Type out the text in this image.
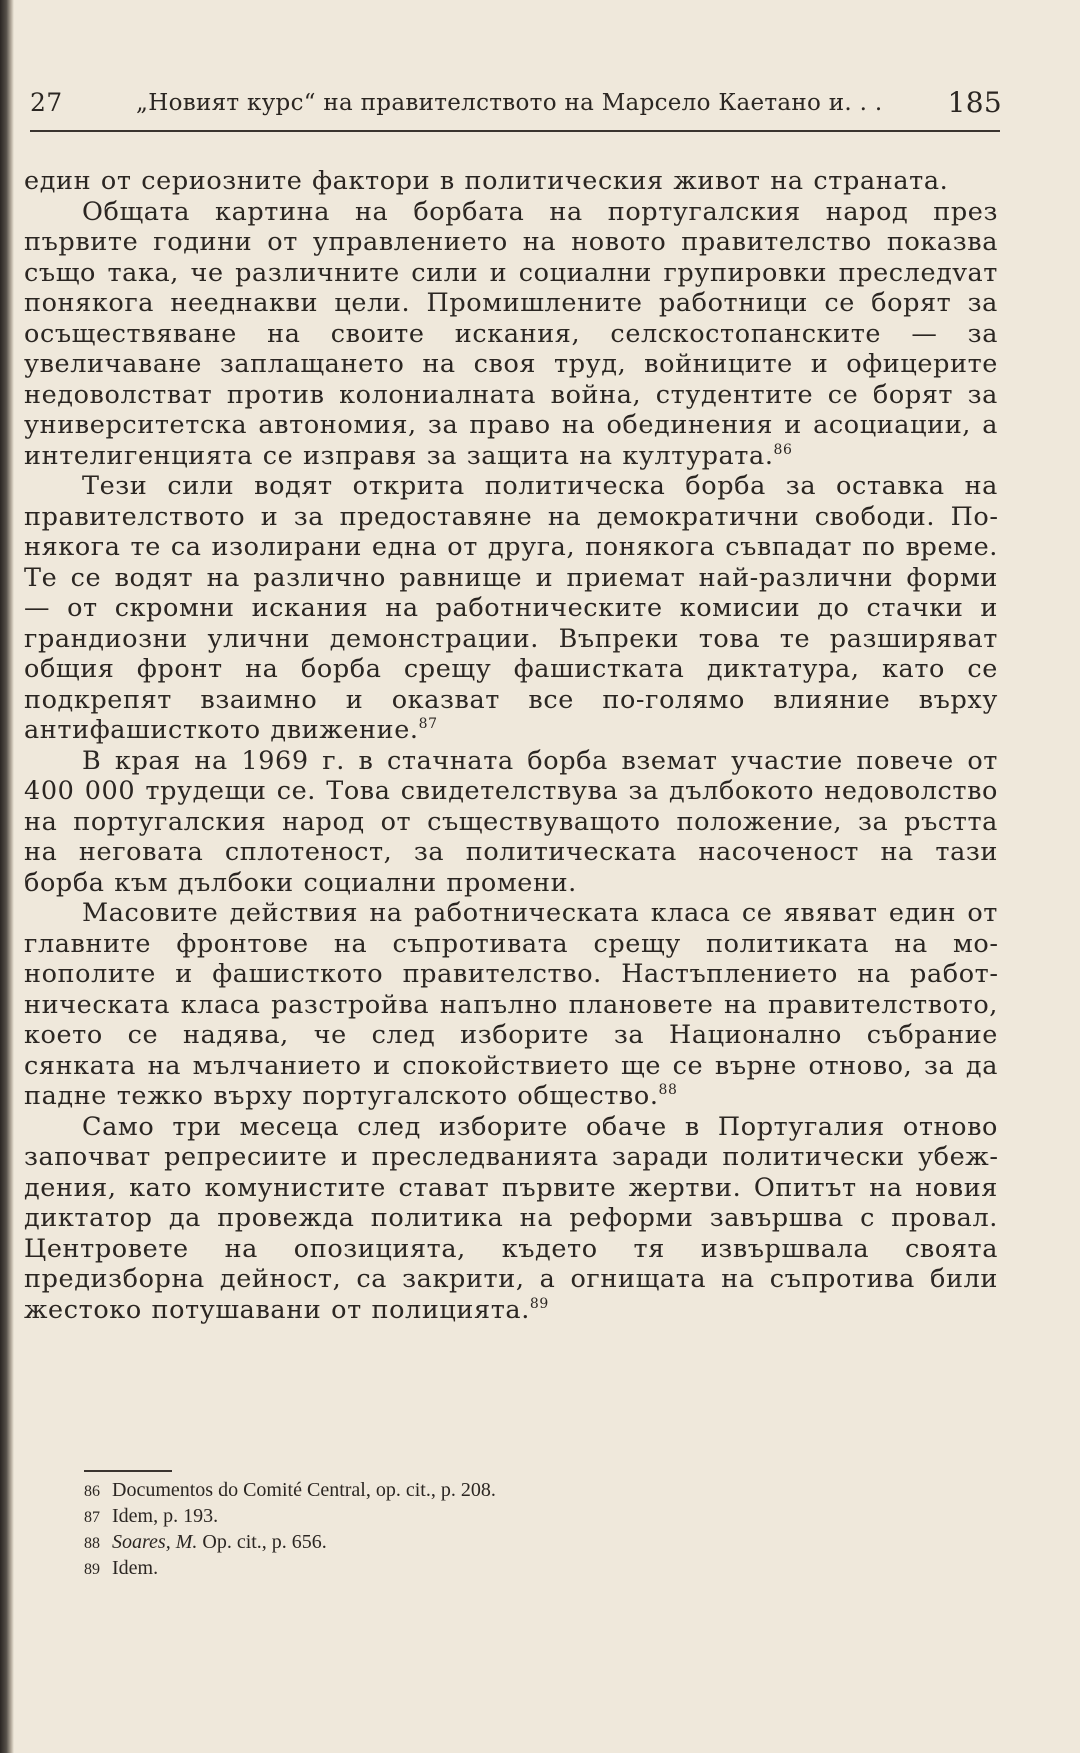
27	„Новият курс“ на правителството на Марсело Каетано и. . . 185

един от сериозните фактори в политическия живот на страната.

Общата картина на борбата на португалския народ през първите години от управлението на новото правителство показва също така, че различните сили и социални групировки преследvат понякога нееднакви цели. Промишлените работници се борят за осъществяване на своите искания, селскостопанските — за увеличаване заплащането на своя труд, войниците и офицерите недоволстват против колониалната война, студентите се борят за университетска автономия, за право на обединения и асоциации, а интелигенцията се изправя за защита на културата.$^{86}$

Тези сили водят открита политическа борба за оставка на правителството и за предоставяне на демократични свободи. Понякога те са изолирани една от друга, понякога съвпадат по време. Те се водят на различно равнище и приемат най-различни форми — от скромни искания на работническите комисии до стачки и грандиозни улични демонстрации. Въпреки това те разширяват общия фронт на борба срещу фашистката диктатура, като се подкрепят взаимно и оказват все по-голямо влияние върху антифашисткото движение.$^{87}$

В края на 1969 г. в стачната борба вземат участие повече от 400 000 трудещи се. Това свидетелствува за дълбокото недоволство на португалския народ от съществуващото положение, за ръстта на неговата сплотеност, за политическата насоченост на тази борба към дълбоки социални промени.

Масовите действия на работническата класа се явяват един от главните фронтове на съпротивата срещу политиката на монополите и фашисткото правителство. Настъплението на работническата класа разстройва напълно плановете на правителството, което се надява, че след изборите за Национално събрание сянката на мълчанието и спокойствието ще се върне отново, за да падне тежко върху португалското общество.$^{88}$

Само три месеца след изборите обаче в Португалия отново започват репресиите и преследванията заради политически убеждения, като комунистите стават първите жертви. Опитът на новия диктатор да провежда политика на реформи завършва с провал. Центровете на опозицията, където тя извършвала своята предизборна дейност, са закрити, а огнищата на съпротива били жестоко потушавани от полицията.$^{89}$

86 Documentos do Comité Central, op. cit., p. 208.
87 Idem, p. 193.
88 Soares, M. Op. cit., p. 656.
89 Idem.
